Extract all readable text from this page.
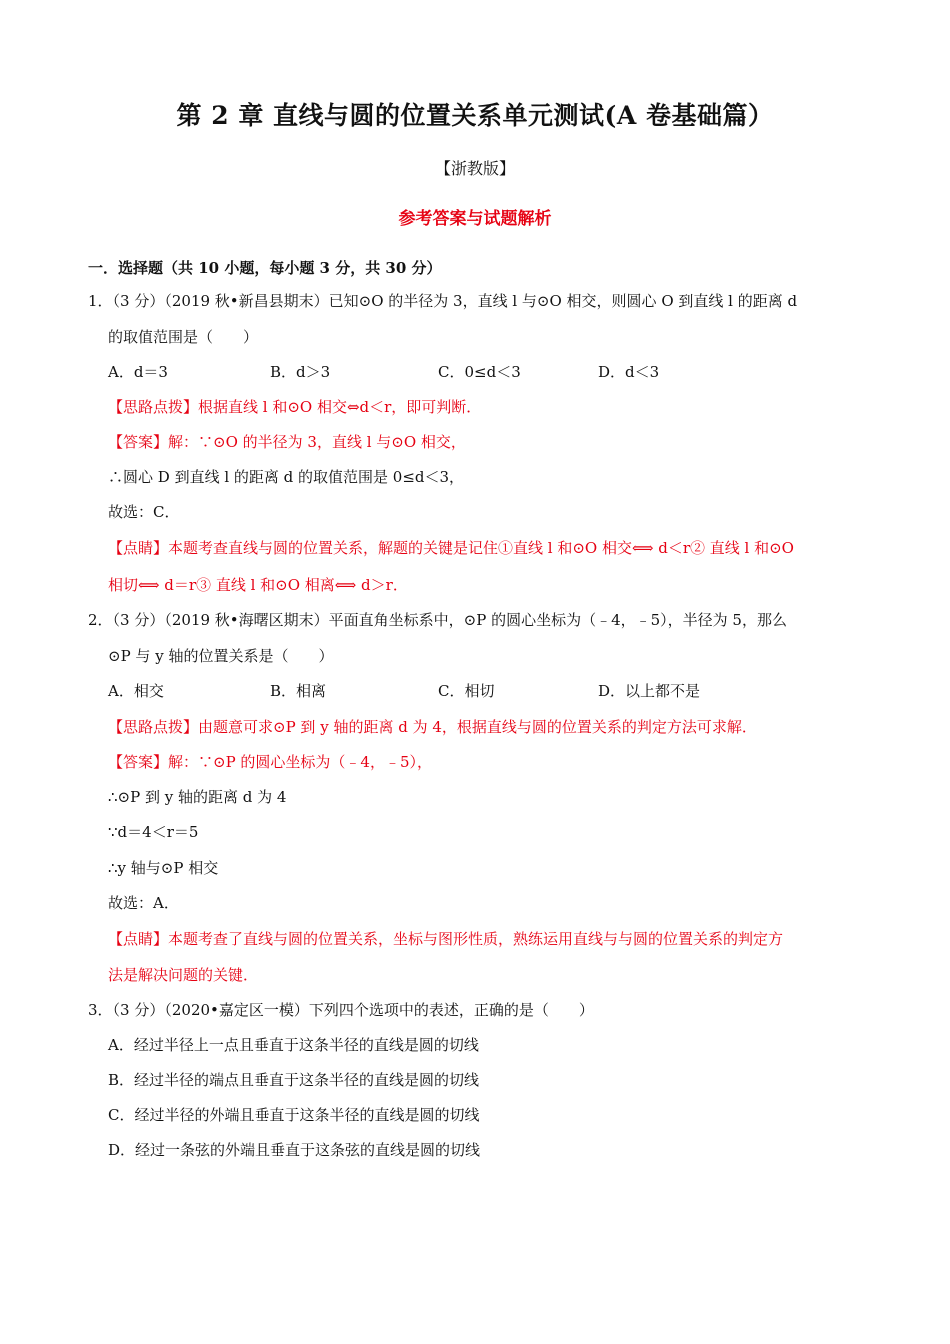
第 2 章 直线与圆的位置关系单元测试(A 卷基础篇）
【浙教版】
参考答案与试题解析
一．选择题（共 10 小题，每小题 3 分，共 30 分）
1．（3 分）（2019 秋•新昌县期末）已知⊙O 的半径为 3，直线 l 与⊙O 相交，则圆心 O 到直线 l 的距离 d
的取值范围是（　　）
A．d＝3	B．d＞3	C．0≤d＜3	D．d＜3
【思路点拨】根据直线 l 和⊙O 相交⇔d＜r，即可判断．
【答案】解：∵⊙O 的半径为 3，直线 l 与⊙O 相交，
∴圆心 D 到直线 l 的距离 d 的取值范围是 0≤d＜3，
故选：C．
【点睛】本题考查直线与圆的位置关系，解题的关键是记住①直线 l 和⊙O 相交⟺ d＜r② 直线 l 和⊙O
相切⟺ d＝r③ 直线 l 和⊙O 相离⟺ d＞r．
2．（3 分）（2019 秋•海曙区期末）平面直角坐标系中，⊙P 的圆心坐标为（﹣4，﹣5），半径为 5，那么
⊙P 与 y 轴的位置关系是（　　）
A．相交	B．相离	C．相切	D．以上都不是
【思路点拨】由题意可求⊙P 到 y 轴的距离 d 为 4，根据直线与圆的位置关系的判定方法可求解．
【答案】解：∵⊙P 的圆心坐标为（﹣4，﹣5），
∴⊙P 到 y 轴的距离 d 为 4
∵d＝4＜r＝5
∴y 轴与⊙P 相交
故选：A．
【点睛】本题考查了直线与圆的位置关系，坐标与图形性质，熟练运用直线与与圆的位置关系的判定方
法是解决问题的关键．
3．（3 分）（2020•嘉定区一模）下列四个选项中的表述，正确的是（　　）
A．经过半径上一点且垂直于这条半径的直线是圆的切线
B．经过半径的端点且垂直于这条半径的直线是圆的切线
C．经过半径的外端且垂直于这条半径的直线是圆的切线
D．经过一条弦的外端且垂直于这条弦的直线是圆的切线
